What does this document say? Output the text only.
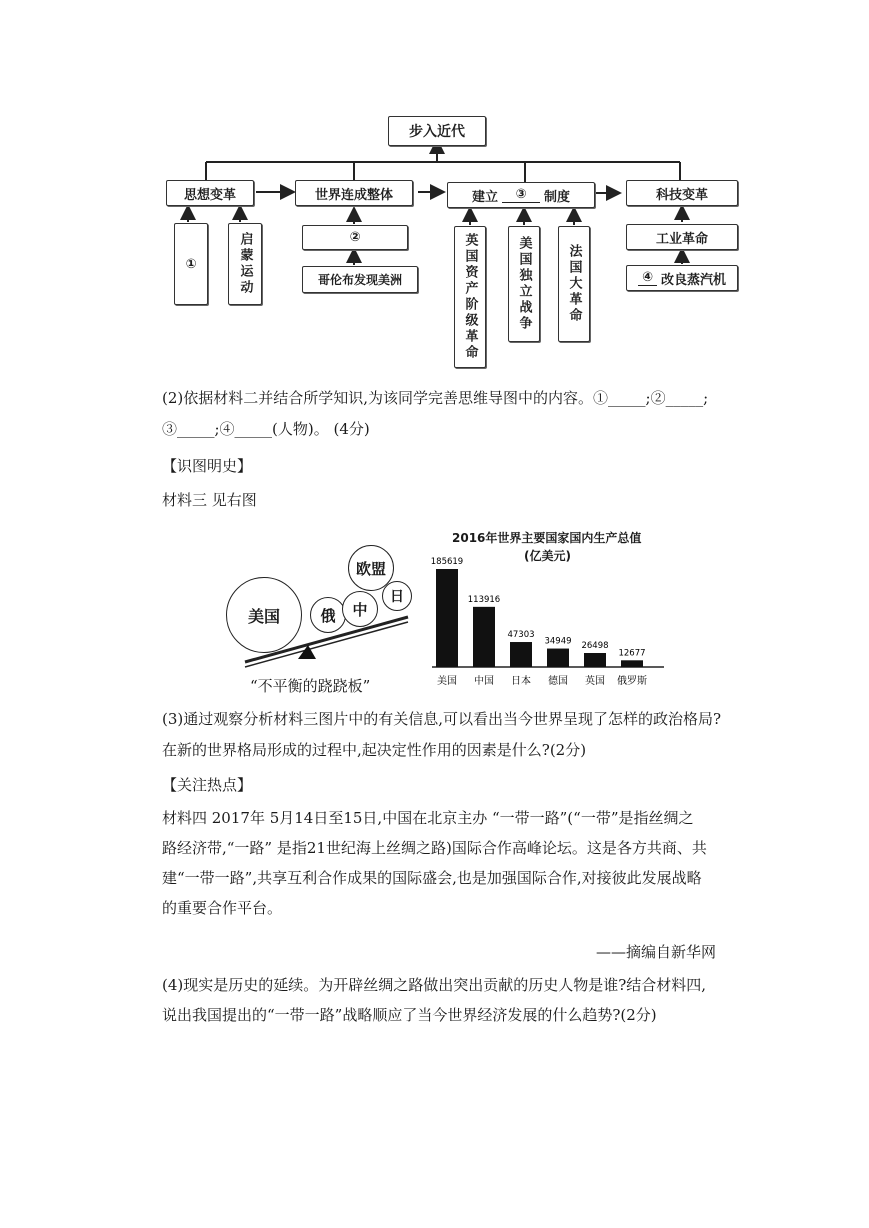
步入近代
思想变革	世界连成整体	建立	③	制度	科技变革
①	启蒙运动	②
哥伦布发现美洲	英国资产阶级革命	美国独立战争	法国大革命
工业革命
④ 改良蒸汽机
(2)依据材料二并结合所学知识,为该同学完善思维导图中的内容。①_____;②_____;
③_____;④_____(人物)。 (4分)
【识图明史】
材料三 见右图
美国	俄 中
欧盟
日
“不平衡的跷跷板”
2016年世界主要国家国内生产总值
(亿美元)
185619
美国
113916
中国
47303
日本
34949
德国
26498
英国
12677
俄罗斯
(3)通过观察分析材料三图片中的有关信息,可以看出当今世界呈现了怎样的政治格局?
在新的世界格局形成的过程中,起决定性作用的因素是什么?(2分)
【关注热点】
材料四 2017年 5月14日至15日,中国在北京主办 “一带一路”(“一带”是指丝绸之路经济带,“一路” 是指21世纪海上丝绸之路)国际合作高峰论坛。这是各方共商、共建“一带一路”,共享互利合作成果的国际盛会,也是加强国际合作,对接彼此发展战略的重要合作平台。
——摘编自新华网
(4)现实是历史的延续。为开辟丝绸之路做出突出贡献的历史人物是谁?结合材料四,说出我国提出的“一带一路”战略顺应了当今世界经济发展的什么趋势?(2分)
